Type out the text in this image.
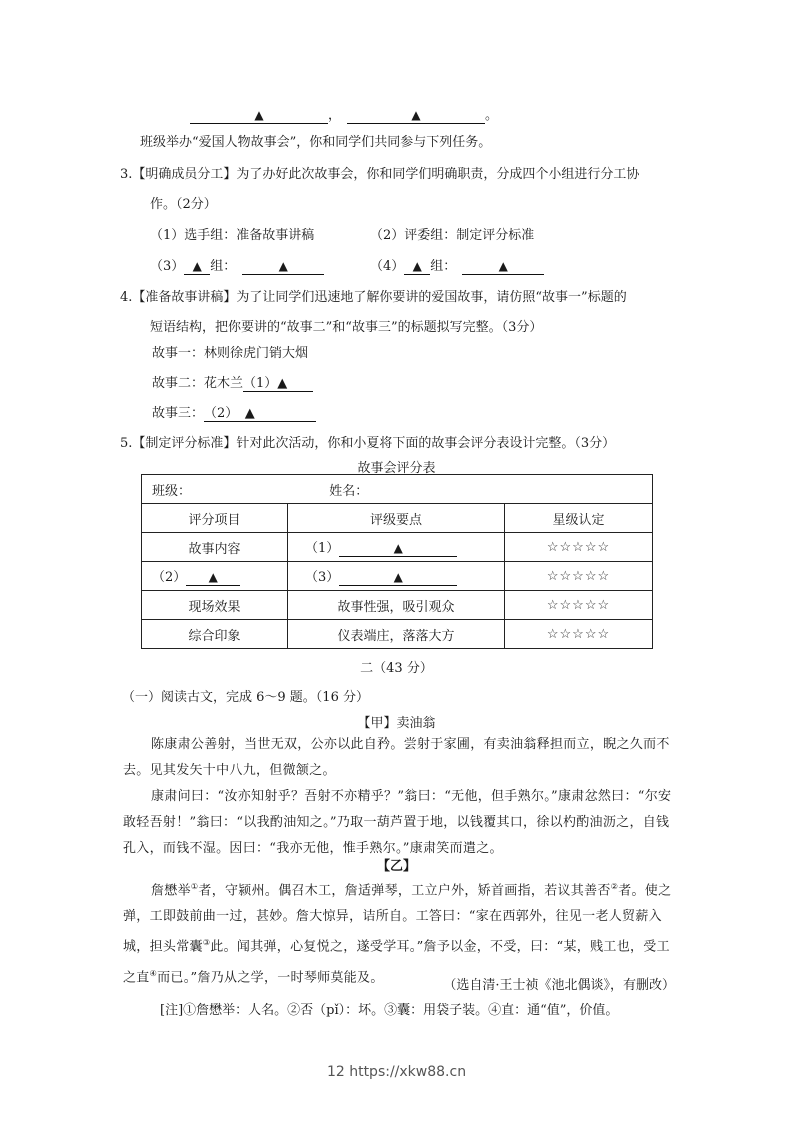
▲	，	▲	。
班级举办“爱国人物故事会”，你和同学们共同参与下列任务。
3.【明确成员分工】为了办好此次故事会，你和同学们明确职责，分成四个小组进行分工协
作。（2分）
（1）选手组：准备故事讲稿	（2）评委组：制定评分标准
（3） ▲ 组：	▲	（4） ▲ 组：	▲
4.【准备故事讲稿】为了让同学们迅速地了解你要讲的爱国故事，请仿照“故事一”标题的
短语结构，把你要讲的“故事二”和“故事三”的标题拟写完整。（3分）
故事一：林则徐虎门销大烟
故事二：花木兰（1）▲
故事三：（2）　▲
5.【制定评分标准】针对此次活动，你和小夏将下面的故事会评分表设计完整。（3分）
故事会评分表
班级： 姓名：		
评分项目	评级要点	星级认定
故事内容	（1） ▲	☆☆☆☆☆
（2） ▲	（3） ▲	☆☆☆☆☆
现场效果	故事性强，吸引观众	☆☆☆☆☆
综合印象	仪表端庄，落落大方	☆☆☆☆☆
二（43 分）
（一）阅读古文，完成 6～9 题。（16 分）
【甲】卖油翁
陈康肃公善射，当世无双，公亦以此自矜。尝射于家圃，有卖油翁释担而立，睨之久而不去。见其发矢十中八九，但微颔之。
康肃问曰：“汝亦知射乎？吾射不亦精乎？”翁曰：“无他，但手熟尔。”康肃忿然曰：“尔安敢轻吾射！”翁曰：“以我酌油知之。”乃取一葫芦置于地，以钱覆其口，徐以杓酌油沥之，自钱孔入，而钱不湿。因曰：“我亦无他，惟手熟尔。”康肃笑而遣之。
【乙】
詹懋举①者，守颍州。偶召木工，詹适弹琴，工立户外，矫首画指，若议其善否②者。使之弹，工即鼓前曲一过，甚妙。詹大惊异，诘所自。工答曰：“家在西郭外，往见一老人贸薪入城，担头常囊③此。闻其弹，心复悦之，遂受学耳。”詹予以金，不受，曰：“某，贱工也，受工之直④而已。”詹乃从之学，一时琴师莫能及。
（选自清·王士祯《池北偶谈》，有删改）
[注]①詹懋举：人名。②否（pǐ）：坏。③囊：用袋子装。④直：通“值”，价值。
12 https://xkw88.cn
